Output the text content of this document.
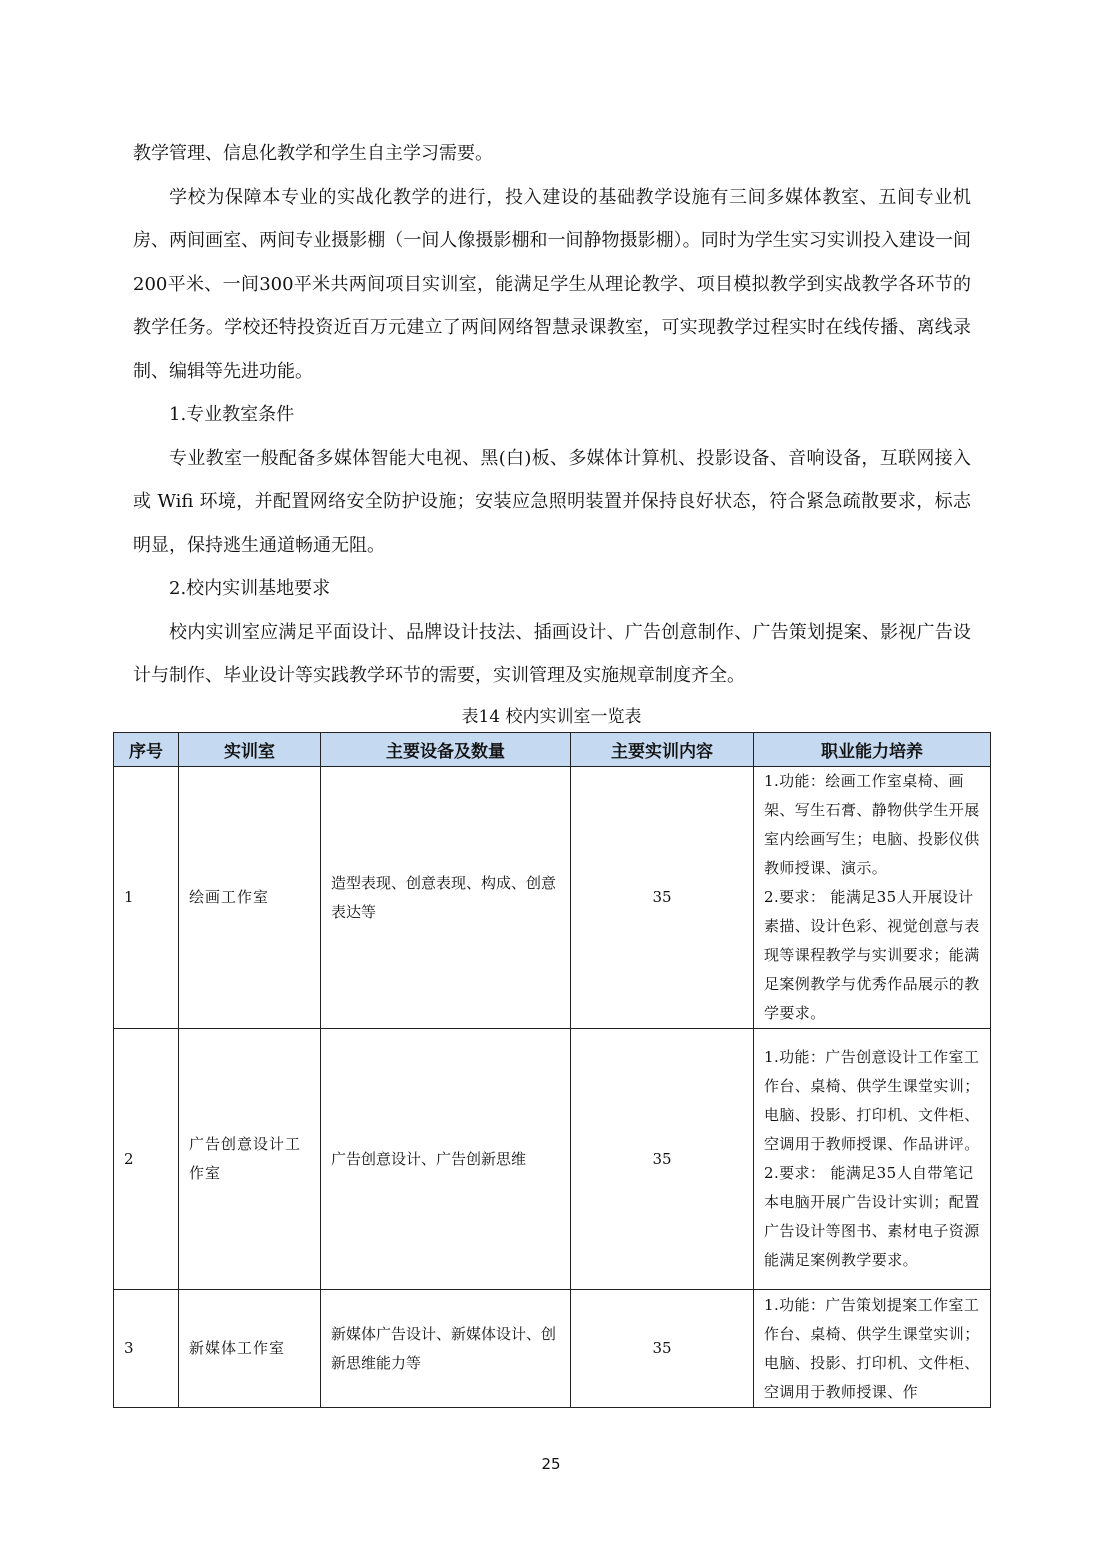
教学管理、信息化教学和学生自主学习需要。

学校为保障本专业的实战化教学的进行，投入建设的基础教学设施有三间多媒体教室、五间专业机房、两间画室、两间专业摄影棚（一间人像摄影棚和一间静物摄影棚）。同时为学生实习实训投入建设一间200平米、一间300平米共两间项目实训室，能满足学生从理论教学、项目模拟教学到实战教学各环节的教学任务。学校还特投资近百万元建立了两间网络智慧录课教室，可实现教学过程实时在线传播、离线录制、编辑等先进功能。

1.专业教室条件

专业教室一般配备多媒体智能大电视、黑(白)板、多媒体计算机、投影设备、音响设备，互联网接入或 Wifi 环境，并配置网络安全防护设施；安装应急照明装置并保持良好状态，符合紧急疏散要求，标志明显，保持逃生通道畅通无阻。

2.校内实训基地要求

校内实训室应满足平面设计、品牌设计技法、插画设计、广告创意制作、广告策划提案、影视广告设计与制作、毕业设计等实践教学环节的需要，实训管理及实施规章制度齐全。

表14 校内实训室一览表
序号	实训室	主要设备及数量	主要实训内容	职业能力培养
1	绘画工作室	造型表现、创意表现、构成、创意表达等	35	1.功能：绘画工作室桌椅、画架、写生石膏、静物供学生开展室内绘画写生；电脑、投影仪供教师授课、演示。
2.要求： 能满足35人开展设计素描、设计色彩、视觉创意与表现等课程教学与实训要求；能满足案例教学与优秀作品展示的教学要求。

2	广告创意设计工作室	广告创意设计、广告创新思维	35	1.功能：广告创意设计工作室工作台、桌椅、供学生课堂实训；电脑、投影、打印机、文件柜、空调用于教师授课、作品讲评。
2.要求： 能满足35人自带笔记本电脑开展广告设计实训；配置广告设计等图书、素材电子资源能满足案例教学要求。

3	新媒体工作室	新媒体广告设计、新媒体设计、创新思维能力等	35	1.功能：广告策划提案工作室工作台、桌椅、供学生课堂实训；电脑、投影、打印机、文件柜、空调用于教师授课、作
25
